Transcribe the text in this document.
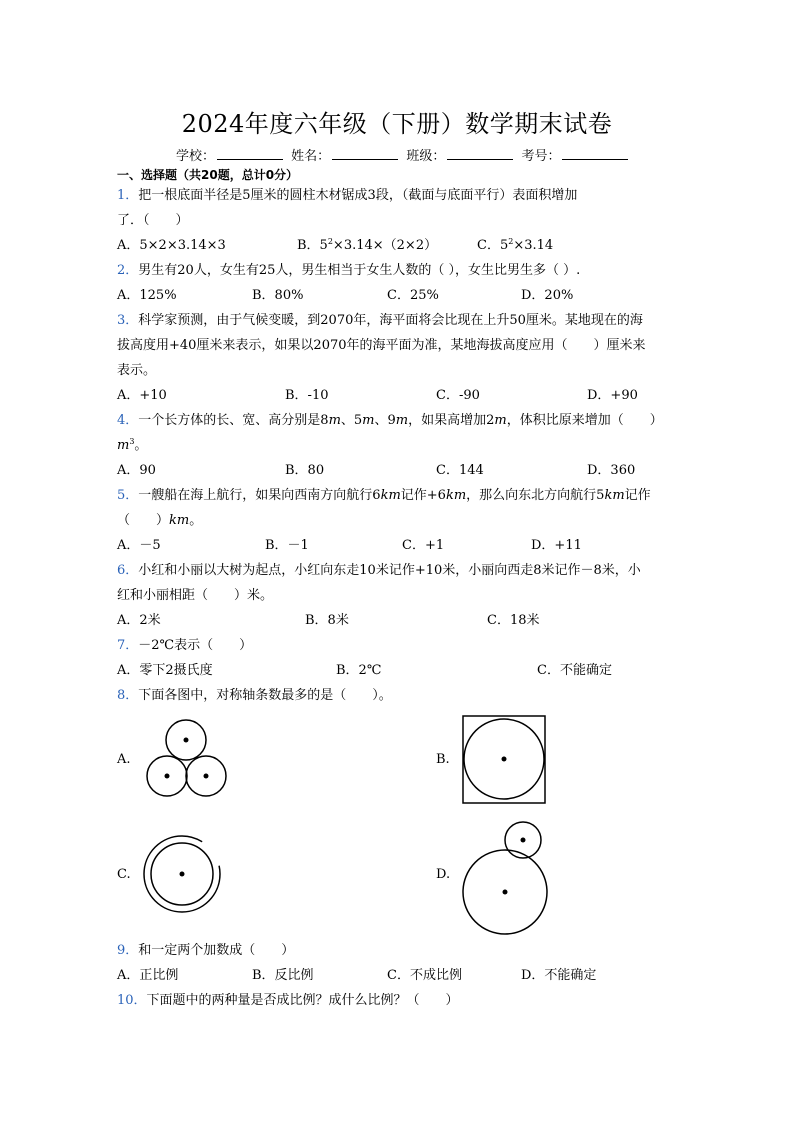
2024年度六年级（下册）数学期末试卷
学校：	姓名：	班级：	考号：
一、选择题（共20题，总计0分）
1．把一根底面半径是5厘米的圆柱木材锯成3段，（截面与底面平行）表面积增加
了．（　　）
A．5×2×3.14×3	B．$5^2\times 3.14\times(2\times 2)$	C．$5^2\times 3.14$
2．男生有20人，女生有25人，男生相当于女生人数的（ ），女生比男生多（ ）.
A．125%	B．80%	C．25%	D．20%
3．科学家预测，由于气候变暖，到2070年，海平面将会比现在上升50厘米。某地现在的海
拔高度用+40厘米来表示，如果以2070年的海平面为准，某地海拔高度应用（　　）厘米来
表示。
A．+10	B．-10	C．-90	D．+90
4．一个长方体的长、宽、高分别是8m、5m、9m，如果高增加2m，体积比原来增加（　　）
$m^3$。
A．90	B．80	C．144	D．360
5．一艘船在海上航行，如果向西南方向航行6km记作+6km，那么向东北方向航行5km记作
（　　）km。
A．－5	B．－1	C．+1	D．+11
6．小红和小丽以大树为起点，小红向东走10米记作+10米，小丽向西走8米记作－8米，小
红和小丽相距（　　）米。
A．2米	B．8米	C．18米
7．－2℃表示（　　）
A．零下2摄氏度	B．2℃	C．不能确定
8．下面各图中，对称轴条数最多的是（　　）。
A.	B.
C.	D.
9．和一定两个加数成（　　）
A．正比例	B．反比例	C．不成比例	D．不能确定
10．下面题中的两种量是否成比例？成什么比例？（　　）
